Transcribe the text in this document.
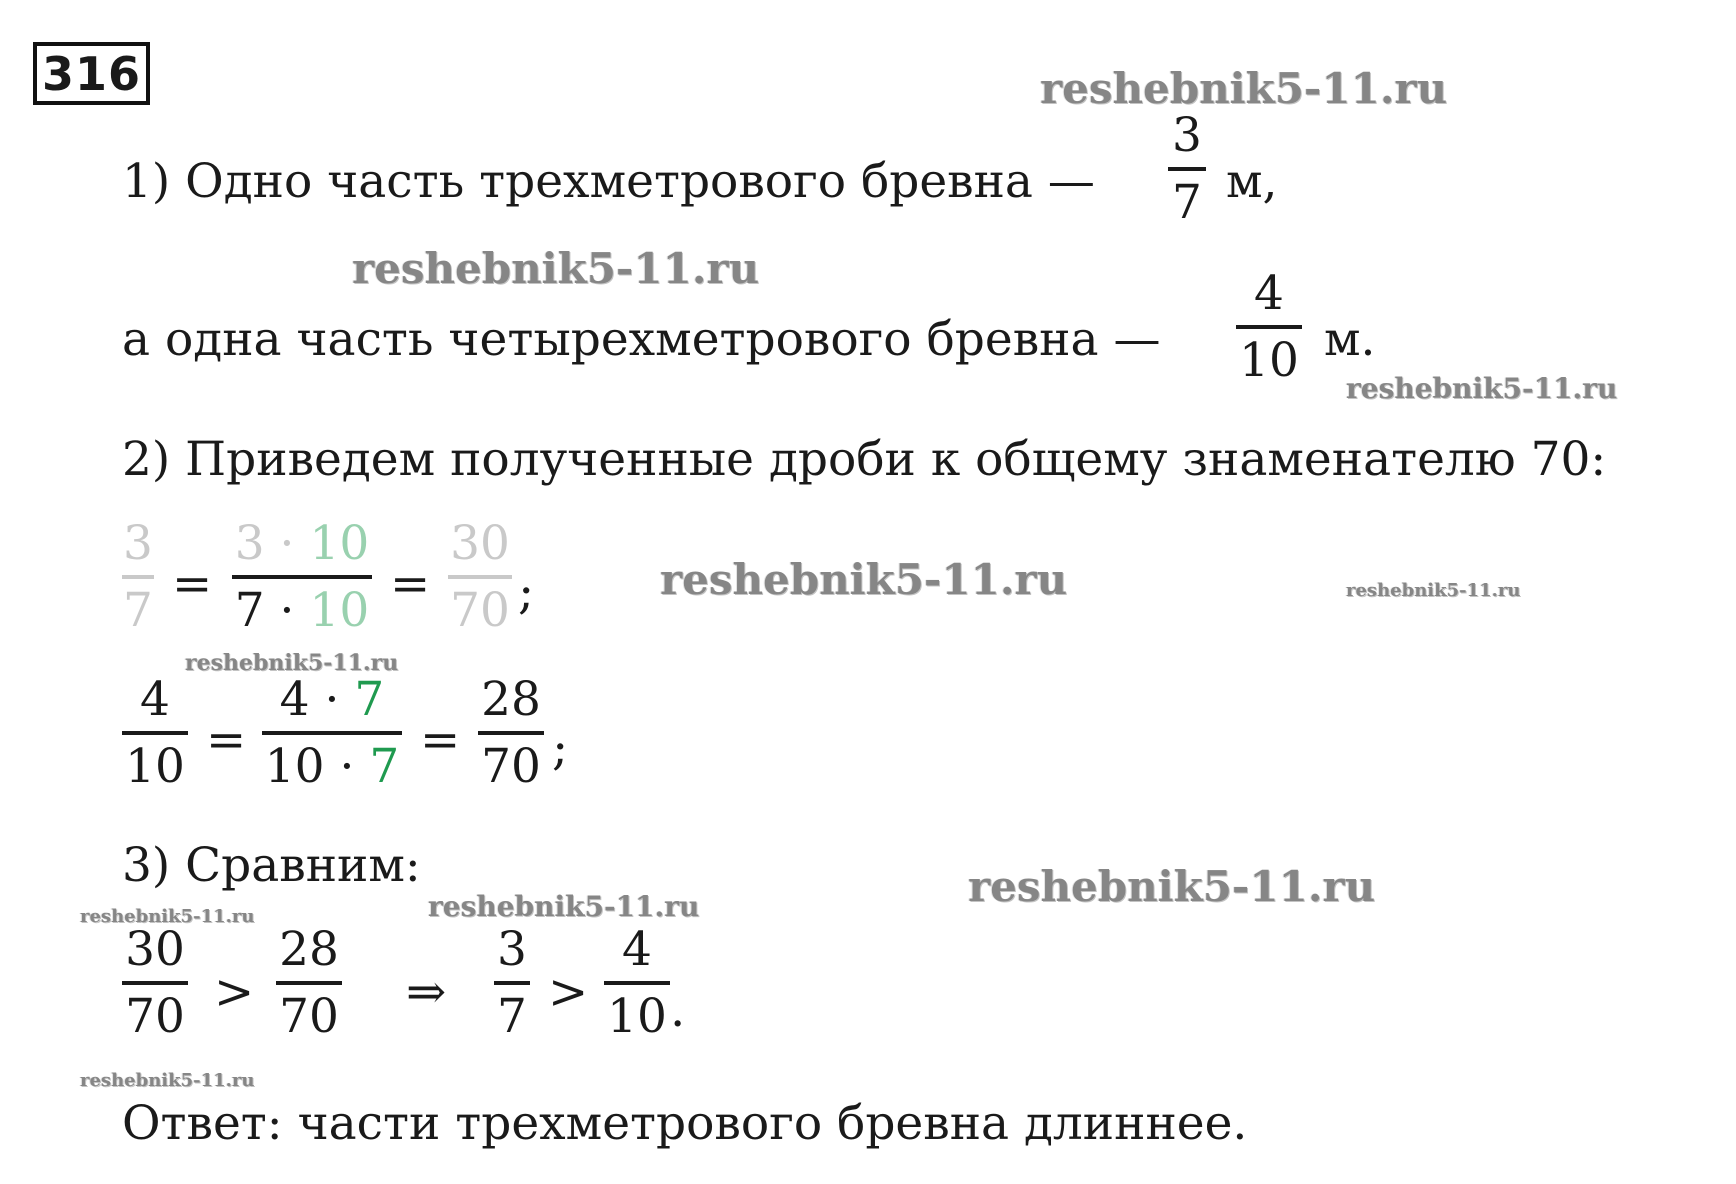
316	reshebnik5-11.ru
reshebnik5-11.ru
reshebnik5-11.ru
reshebnik5-11.ru	reshebnik5-11.ru
reshebnik5-11.ru
reshebnik5-11.ru
reshebnik5-11.ru
reshebnik5-11.ru
reshebnik5-11.ru
1) Одно часть трехметрового бревна —
3
7 м,
а одна часть четырехметрового бревна —
4
10 м.
2) Приведем полученные дроби к общему знаменателю 70:
3
7 =
3 · 10
7 · 10 =
30
70 ;
4
10 =
4 · 7
10 · 7 =
28
70 ;
3) Сравним:
30
70 >
28
70 ⇒
3
7 >
4
10 .
Ответ: части трехметрового бревна длиннее.
